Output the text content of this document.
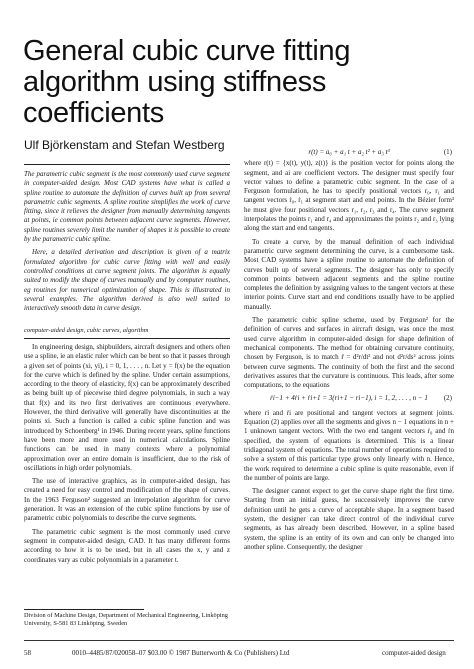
General cubic curve fitting
algorithm using stiffness
coefficients
Ulf Björkenstam and Stefan Westberg

The parametric cubic segment is the most commonly used curve segment in computer-aided design. Most CAD systems have what is called a spline routine to automate the definition of curves built up from several parametric cubic segments. A spline routine simplifies the work of curve fitting, since it relieves the designer from manually determining tangents at points, ie common points between adjacent curve segments. However, spline routines severely limit the number of shapes it is possible to create by the parametric cubic spline.

Here, a detailed derivation and description is given of a matrix formulated algorithm for cubic curve fitting with well and easily controlled conditions at curve segment joints. The algorithm is equally suited to modify the shape of curves manually and by computer routines, eg routines for numerical optimization of shape. This is illustrated in several examples. The algorithm derived is also well suited to interactively smooth data in curve design.

computer-aided design, cubic curves, algorithm

In engineering design, shipbuilders, aircraft designers and others often use a spline, ie an elastic ruler which can be bent so that it passes through a given set of points (xi, yi), i = 0, 1, . . . , n. Let y = f(x) be the equation for the curve which is defined by the spline. Under certain assumptions, according to the theory of elasticity, f(x) can be approximately described as being built up of piecewise third degree polynomials, in such a way that f(x) and its two first derivatives are continuous everywhere. However, the third derivative will generally have discontinuities at the points xi. Such a function is called a cubic spline function and was introduced by Schoenberg¹ in 1946. During recent years, spline functions have been more and more used in numerical calculations. Spline functions can be used in many contexts where a polynomial approximation over an entire domain is insufficient, due to the risk of oscillations in high order polynomials.

The use of interactive graphics, as in computer-aided design, has created a need for easy control and modification of the shape of curves. In the 1963 Ferguson² suggested an interpolation algorithm for curve generation. It was an extension of the cubic spline functions by use of parametric cubic polynomials to describe the curve segments.

The parametric cubic segment is the most commonly used curve segment in computer-aided design, CAD. It has many different forms according to how it is to be used, but in all cases the x, y and z coordinates vary as cubic polynomials in a parameter t.

Division of Machine Design, Department of Mechanical Engineering, Linköping University, S-581 83 Linköping, Sweden
r(t) = a₀ + a₁ t + a₂ t² + a₃ t³	(1)

where r(t) = {x(t), y(t), z(t)} is the position vector for points along the segment, and ai are coefficient vectors. The designer must specify four vector values to define a parametric cubic segment. In the case of a Ferguson formulation, he has to specify positional vectors r₀, r₁ and tangent vectors ṙ₀, ṙ₁ at segment start and end points. In the Bézier form³ he must give four positional vectors r₁, r₂, r₃ and r₄. The curve segment interpolates the points r₁ and r₄ and approximates the points r₂ and r₃ lying along the start and end tangents.

To create a curve, by the manual definition of each individual parametric curve segment determining the curve, is a cumbersome task. Most CAD systems have a spline routine to automate the definition of curves built up of several segments. The designer has only to specify common points between adjacent segments and the spline routine completes the definition by assigning values to the tangent vectors at these interior points. Curve start and end conditions usually have to be applied manually.

The parametric cubic spline scheme, used by Ferguson² for the definition of curves and surfaces in aircraft design, was once the most used curve algorithm in computer-aided design for shape definition of mechanical components. The method for obtaining curvature continuity, chosen by Ferguson, is to match r̈ = d²r/dt² and not d²r/ds² across joints between curve segments. The continuity of both the first and the second derivatives assures that the curvature is continuous. This leads, after some computations, to the equations

ṙi−1 + 4ṙi + ṙi+1 = 3(ri+1 − ri−1), i = 1, 2, . . . , n − 1 (2)

where ri and ṙi are positional and tangent vectors at segment joints. Equation (2) applies over all the segments and gives n − 1 equations in n + 1 unknown tangent vectors. With the two end tangent vectors ṙ₀ and ṙn specified, the system of equations is determined. This is a linear tridiagonal system of equations. The total number of operations required to solve a system of this particular type grows only linearly with n. Hence, the work required to determine a cubic spline is quite reasonable, even if the number of points are large.

The designer cannot expect to get the curve shape right the first time. Starting from an initial guess, he successively improves the curve definition until he gets a curve of acceptable shape. In a segment based system, the designer can take direct control of the individual curve segments, as has already been described. However, in a spline based system, the spline is an entity of its own and can only be changed into another spline. Consequently, the designer

58	0010–4485/87/020058–07 $03.00 © 1987 Butterworth & Co (Publishers) Ltd	computer-aided design
